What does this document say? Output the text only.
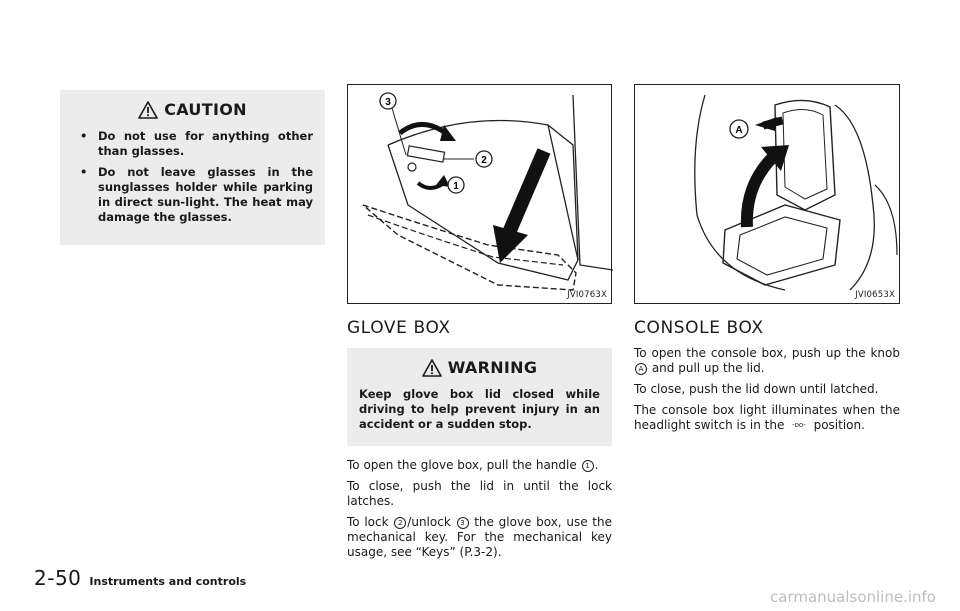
CAUTION
• Do not use for anything other than glasses.
• Do not leave glasses in the sunglasses holder while parking in direct sun-light. The heat may damage the glasses.
3
2
1
JVI0763X
GLOVE BOX
WARNING
Keep glove box lid closed while driving to help prevent injury in an accident or a sudden stop.

To open the glove box, pull the handle 1 .

To close, push the lid in until the lock latches.

To lock 2 /unlock 3 the glove box, use the mechanical key. For the mechanical key usage, see “Keys” (P.3-2).

A
JVI0653X
CONSOLE BOX

To open the console box, push up the knob A and pull up the lid.

To close, push the lid down until latched.

The console box light illuminates when the headlight switch is in the -ᴅᴏ- position.

2-50 Instruments and controls
carmanualsonline.info
